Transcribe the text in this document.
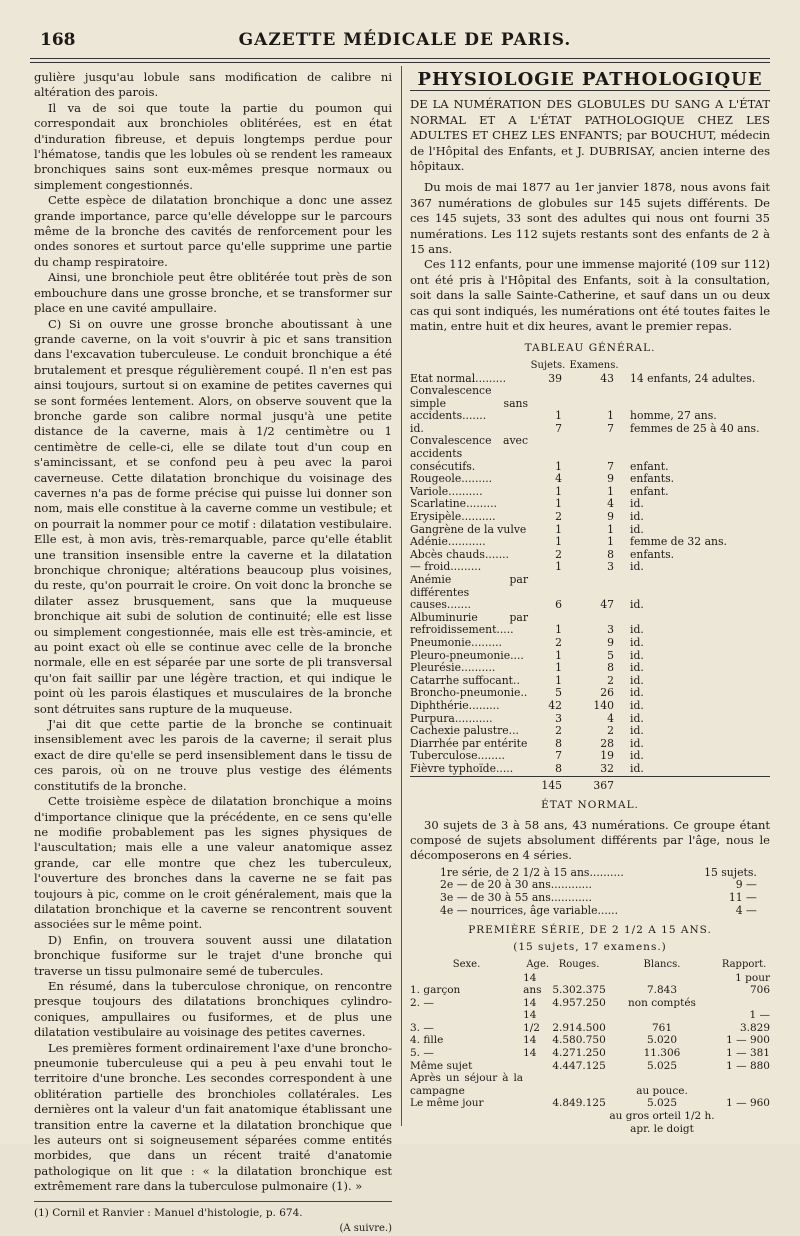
168	GAZETTE MÉDICALE DE PARIS.

gulière jusqu'au lobule sans modification de calibre ni altération des parois.

Il va de soi que toute la partie du poumon qui correspondait aux bronchioles oblitérées, est en état d'induration fibreuse, et depuis longtemps perdue pour l'hématose, tandis que les lobules où se rendent les rameaux bronchiques sains sont eux-mêmes presque normaux ou simplement congestionnés.

Cette espèce de dilatation bronchique a donc une assez grande importance, parce qu'elle développe sur le parcours même de la bronche des cavités de renforcement pour les ondes sonores et surtout parce qu'elle supprime une partie du champ respiratoire.

Ainsi, une bronchiole peut être oblitérée tout près de son embouchure dans une grosse bronche, et se transformer sur place en une cavité ampullaire.

C) Si on ouvre une grosse bronche aboutissant à une grande caverne, on la voit s'ouvrir à pic et sans transition dans l'excavation tuberculeuse. Le conduit bronchique a été brutalement et presque régulièrement coupé. Il n'en est pas ainsi toujours, surtout si on examine de petites cavernes qui se sont formées lentement. Alors, on observe souvent que la bronche garde son calibre normal jusqu'à une petite distance de la caverne, mais à 1/2 centimètre ou 1 centimètre de celle-ci, elle se dilate tout d'un coup en s'amincissant, et se confond peu à peu avec la paroi caverneuse. Cette dilatation bronchique du voisinage des cavernes n'a pas de forme précise qui puisse lui donner son nom, mais elle constitue à la caverne comme un vestibule; et on pourrait la nommer pour ce motif : dilatation vestibulaire. Elle est, à mon avis, très-remarquable, parce qu'elle établit une transition insensible entre la caverne et la dilatation bronchique chronique; altérations beaucoup plus voisines, du reste, qu'on pourrait le croire. On voit donc la bronche se dilater assez brusquement, sans que la muqueuse bronchique ait subi de solution de continuité; elle est lisse ou simplement congestionnée, mais elle est très-amincie, et au point exact où elle se continue avec celle de la bronche normale, elle en est séparée par une sorte de pli transversal qu'on fait saillir par une légère traction, et qui indique le point où les parois élastiques et musculaires de la bronche sont détruites sans rupture de la muqueuse.

J'ai dit que cette partie de la bronche se continuait insensiblement avec les parois de la caverne; il serait plus exact de dire qu'elle se perd insensiblement dans le tissu de ces parois, où on ne trouve plus vestige des éléments constitutifs de la bronche.

Cette troisième espèce de dilatation bronchique a moins d'importance clinique que la précédente, en ce sens qu'elle ne modifie probablement pas les signes physiques de l'auscultation; mais elle a une valeur anatomique assez grande, car elle montre que chez les tuberculeux, l'ouverture des bronches dans la caverne ne se fait pas toujours à pic, comme on le croit généralement, mais que la dilatation bronchique et la caverne se rencontrent souvent associées sur le même point.

D) Enfin, on trouvera souvent aussi une dilatation bronchique fusiforme sur le trajet d'une bronche qui traverse un tissu pulmonaire semé de tubercules.

En résumé, dans la tuberculose chronique, on rencontre presque toujours des dilatations bronchiques cylindro-coniques, ampullaires ou fusiformes, et de plus une dilatation vestibulaire au voisinage des petites cavernes.

Les premières forment ordinairement l'axe d'une broncho-pneumonie tuberculeuse qui a peu à peu envahi tout le territoire d'une bronche. Les secondes correspondent à une oblitération partielle des bronchioles collatérales. Les dernières ont la valeur d'un fait anatomique établissant une transition entre la caverne et la dilatation bronchique que les auteurs ont si soigneusement séparées comme entités morbides, que dans un récent traité d'anatomie pathologique on lit que : « la dilatation bronchique est extrêmement rare dans la tuberculose pulmonaire (1). »

(1) Cornil et Ranvier : Manuel d'histologie, p. 674.
(A suivre.)
PHYSIOLOGIE PATHOLOGIQUE

DE LA NUMÉRATION DES GLOBULES DU SANG A L'ÉTAT NORMAL ET A L'ÉTAT PATHOLOGIQUE CHEZ LES ADULTES ET CHEZ LES ENFANTS; par BOUCHUT, médecin de l'Hôpital des Enfants, et J. DUBRISAY, ancien interne des hôpitaux.

Du mois de mai 1877 au 1er janvier 1878, nous avons fait 367 numérations de globules sur 145 sujets différents. De ces 145 sujets, 33 sont des adultes qui nous ont fourni 35 numérations. Les 112 sujets restants sont des enfants de 2 à 15 ans.

Ces 112 enfants, pour une immense majorité (109 sur 112) ont été pris à l'Hôpital des Enfants, soit à la consultation, soit dans la salle Sainte-Catherine, et sauf dans un ou deux cas qui sont indiqués, les numérations ont été toutes faites le matin, entre huit et dix heures, avant le premier repas.

TABLEAU GÉNÉRAL.
	Sujets.	Examens.	
Etat normal.........	39	43	14 enfants, 24 adultes.
Convalescence simple sans accidents.......	1	1	homme, 27 ans.
id.	7	7	femmes de 25 à 40 ans.
Convalescence avec accidents consécutifs.	1	7	enfant.
Rougeole.........	4	9	enfants.
Variole..........	1	1	enfant.
Scarlatine.........	1	4	id.
Erysipèle..........	2	9	id.
Gangrène de la vulve	1	1	id.
Adénie...........	1	1	femme de 32 ans.
Abcès chauds.......	2	8	enfants.
— froid.........	1	3	id.
Anémie par différentes causes.......	6	47	id.
Albuminurie par refroidissement.....	1	3	id.
Pneumonie.........	2	9	id.
Pleuro-pneumonie....	1	5	id.
Pleurésie..........	1	8	id.
Catarrhe suffocant..	1	2	id.
Broncho-pneumonie..	5	26	id.
Diphthérie.........	42	140	id.
Purpura...........	3	4	id.
Cachexie palustre...	2	2	id.
Diarrhée par entérite	8	28	id.
Tuberculose........	7	19	id.
Fièvre typhoïde.....	8	32	id.
	145	367	
ÉTAT NORMAL.

30 sujets de 3 à 58 ans, 43 numérations. Ce groupe étant composé de sujets absolument différents par l'âge, nous le décomposerons en 4 séries.

1re série, de 2 1/2 à 15 ans..........	15 sujets.
2e — de 20 à 30 ans............	9 —
3e — de 30 à 55 ans............	11 —
4e — nourrices, âge variable......	4 —
PREMIÈRE SÉRIE, DE 2 1/2 A 15 ANS.
(15 sujets, 17 examens.)
Sexe.	Age.	Rouges.	Blancs.	Rapport.
1. garçon	14 ans	5.302.375	7.843	1 pour 706
2. —	14	4.957.250	non comptés	
3. —	14 1/2	2.914.500	761	1 — 3.829
4. fille	14	4.580.750	5.020	1 — 900
5. —	14	4.271.250	11.306	1 — 381
Même sujet		4.447.125	5.025	1 — 880
Après un séjour à la campagne			au pouce.	
Le même jour		4.849.125	5.025	1 — 960
			au gros orteil 1/2 h. apr. le doigt	
